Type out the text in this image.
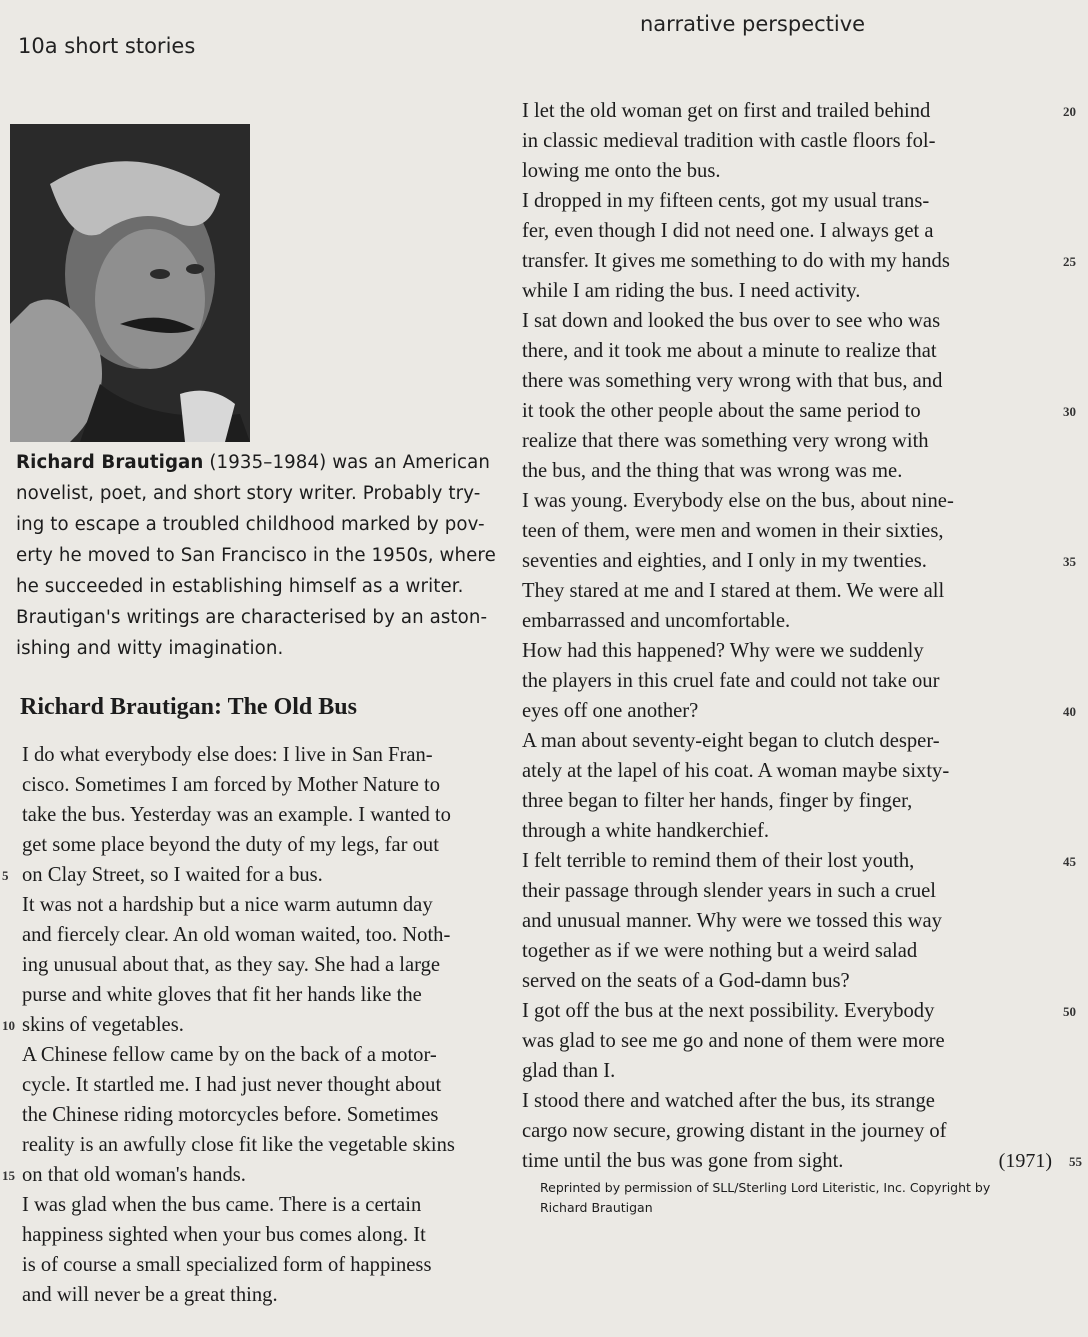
10a short stories
narrative perspective
Richard Brautigan (1935–1984) was an American
novelist, poet, and short story writer. Probably try-
ing to escape a troubled childhood marked by pov-
erty he moved to San Francisco in the 1950s, where
he succeeded in establishing himself as a writer.
Brautigan's writings are characterised by an aston-
ishing and witty imagination.
Richard Brautigan: The Old Bus
I do what everybody else does: I live in San Fran-
cisco. Sometimes I am forced by Mother Nature to
take the bus. Yesterday was an example. I wanted to
get some place beyond the duty of my legs, far out
5 on Clay Street, so I waited for a bus.
It was not a hardship but a nice warm autumn day
and fiercely clear. An old woman waited, too. Noth-
ing unusual about that, as they say. She had a large
purse and white gloves that fit her hands like the
10 skins of vegetables.
A Chinese fellow came by on the back of a motor-
cycle. It startled me. I had just never thought about
the Chinese riding motorcycles before. Sometimes
reality is an awfully close fit like the vegetable skins
15 on that old woman's hands.
I was glad when the bus came. There is a certain
happiness sighted when your bus comes along. It
is of course a small specialized form of happiness
and will never be a great thing.
I let the old woman get on first and trailed behind	20
in classic medieval tradition with castle floors fol-
lowing me onto the bus.
I dropped in my fifteen cents, got my usual trans-
fer, even though I did not need one. I always get a
transfer. It gives me something to do with my hands	25
while I am riding the bus. I need activity.
I sat down and looked the bus over to see who was
there, and it took me about a minute to realize that
there was something very wrong with that bus, and
it took the other people about the same period to	30
realize that there was something very wrong with
the bus, and the thing that was wrong was me.
I was young. Everybody else on the bus, about nine-
teen of them, were men and women in their sixties,
seventies and eighties, and I only in my twenties.	35
They stared at me and I stared at them. We were all
embarrassed and uncomfortable.
How had this happened? Why were we suddenly
the players in this cruel fate and could not take our
eyes off one another?	40
A man about seventy-eight began to clutch desper-
ately at the lapel of his coat. A woman maybe sixty-
three began to filter her hands, finger by finger,
through a white handkerchief.
I felt terrible to remind them of their lost youth,	45
their passage through slender years in such a cruel
and unusual manner. Why were we tossed this way
together as if we were nothing but a weird salad
served on the seats of a God-damn bus?
I got off the bus at the next possibility. Everybody	50
was glad to see me go and none of them were more
glad than I.
I stood there and watched after the bus, its strange
cargo now secure, growing distant in the journey of
time until the bus was gone from sight.	55
(1971)
Reprinted by permission of SLL/Sterling Lord Literistic, Inc. Copyright by
Richard Brautigan
